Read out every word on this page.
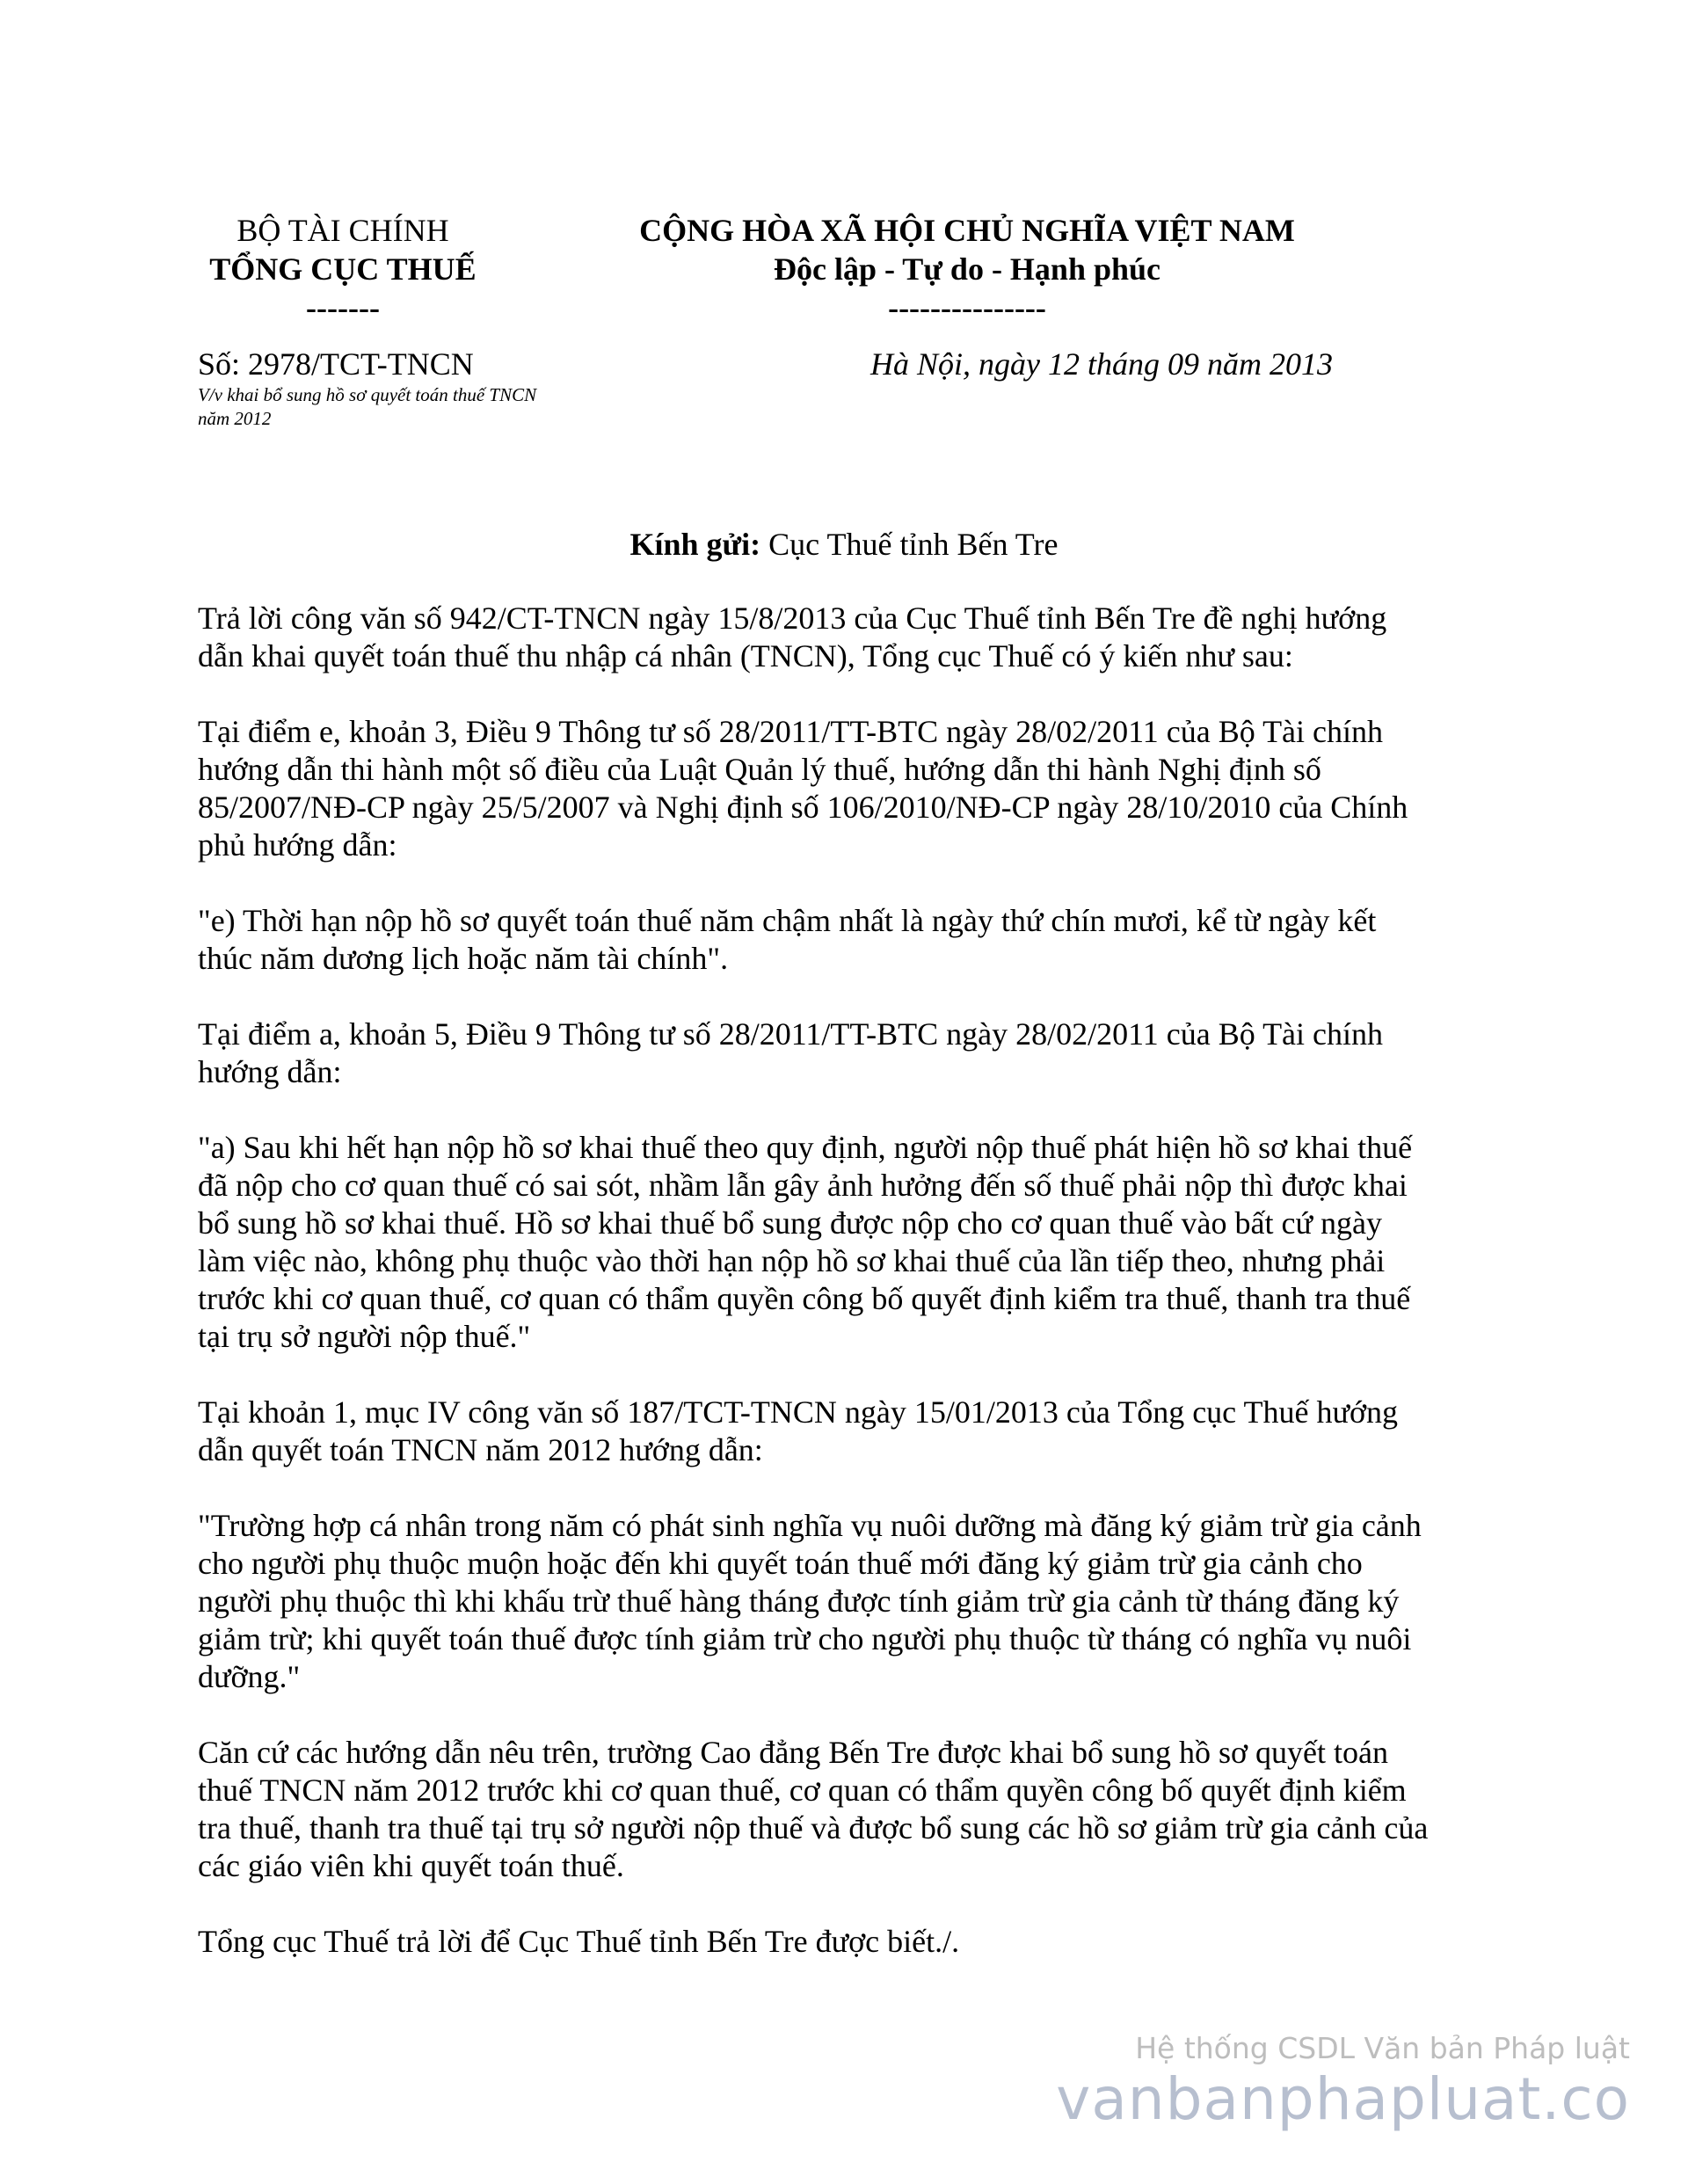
BỘ TÀI CHÍNH
TỔNG CỤC THUẾ
-------
CỘNG HÒA XÃ HỘI CHỦ NGHĨA VIỆT NAM
Độc lập - Tự do - Hạnh phúc
---------------
Số: 2978/TCT-TNCN
V/v khai bổ sung hồ sơ quyết toán thuế TNCN năm 2012
Hà Nội, ngày 12 tháng 09 năm 2013
Kính gửi: Cục Thuế tỉnh Bến Tre

Trả lời công văn số 942/CT-TNCN ngày 15/8/2013 của Cục Thuế tỉnh Bến Tre đề nghị hướng
dẫn khai quyết toán thuế thu nhập cá nhân (TNCN), Tổng cục Thuế có ý kiến như sau:

Tại điểm e, khoản 3, Điều 9 Thông tư số 28/2011/TT-BTC ngày 28/02/2011 của Bộ Tài chính
hướng dẫn thi hành một số điều của Luật Quản lý thuế, hướng dẫn thi hành Nghị định số
85/2007/NĐ-CP ngày 25/5/2007 và Nghị định số 106/2010/NĐ-CP ngày 28/10/2010 của Chính
phủ hướng dẫn:

"e) Thời hạn nộp hồ sơ quyết toán thuế năm chậm nhất là ngày thứ chín mươi, kể từ ngày kết
thúc năm dương lịch hoặc năm tài chính".

Tại điểm a, khoản 5, Điều 9 Thông tư số 28/2011/TT-BTC ngày 28/02/2011 của Bộ Tài chính
hướng dẫn:

"a) Sau khi hết hạn nộp hồ sơ khai thuế theo quy định, người nộp thuế phát hiện hồ sơ khai thuế
đã nộp cho cơ quan thuế có sai sót, nhầm lẫn gây ảnh hưởng đến số thuế phải nộp thì được khai
bổ sung hồ sơ khai thuế. Hồ sơ khai thuế bổ sung được nộp cho cơ quan thuế vào bất cứ ngày
làm việc nào, không phụ thuộc vào thời hạn nộp hồ sơ khai thuế của lần tiếp theo, nhưng phải
trước khi cơ quan thuế, cơ quan có thẩm quyền công bố quyết định kiểm tra thuế, thanh tra thuế
tại trụ sở người nộp thuế."

Tại khoản 1, mục IV công văn số 187/TCT-TNCN ngày 15/01/2013 của Tổng cục Thuế hướng
dẫn quyết toán TNCN năm 2012 hướng dẫn:

"Trường hợp cá nhân trong năm có phát sinh nghĩa vụ nuôi dưỡng mà đăng ký giảm trừ gia cảnh
cho người phụ thuộc muộn hoặc đến khi quyết toán thuế mới đăng ký giảm trừ gia cảnh cho
người phụ thuộc thì khi khấu trừ thuế hàng tháng được tính giảm trừ gia cảnh từ tháng đăng ký
giảm trừ; khi quyết toán thuế được tính giảm trừ cho người phụ thuộc từ tháng có nghĩa vụ nuôi
dưỡng."

Căn cứ các hướng dẫn nêu trên, trường Cao đẳng Bến Tre được khai bổ sung hồ sơ quyết toán
thuế TNCN năm 2012 trước khi cơ quan thuế, cơ quan có thẩm quyền công bố quyết định kiểm
tra thuế, thanh tra thuế tại trụ sở người nộp thuế và được bổ sung các hồ sơ giảm trừ gia cảnh của
các giáo viên khi quyết toán thuế.

Tổng cục Thuế trả lời để Cục Thuế tỉnh Bến Tre được biết./.

Hệ thống CSDL Văn bản Pháp luật
vanbanphapluat.co
